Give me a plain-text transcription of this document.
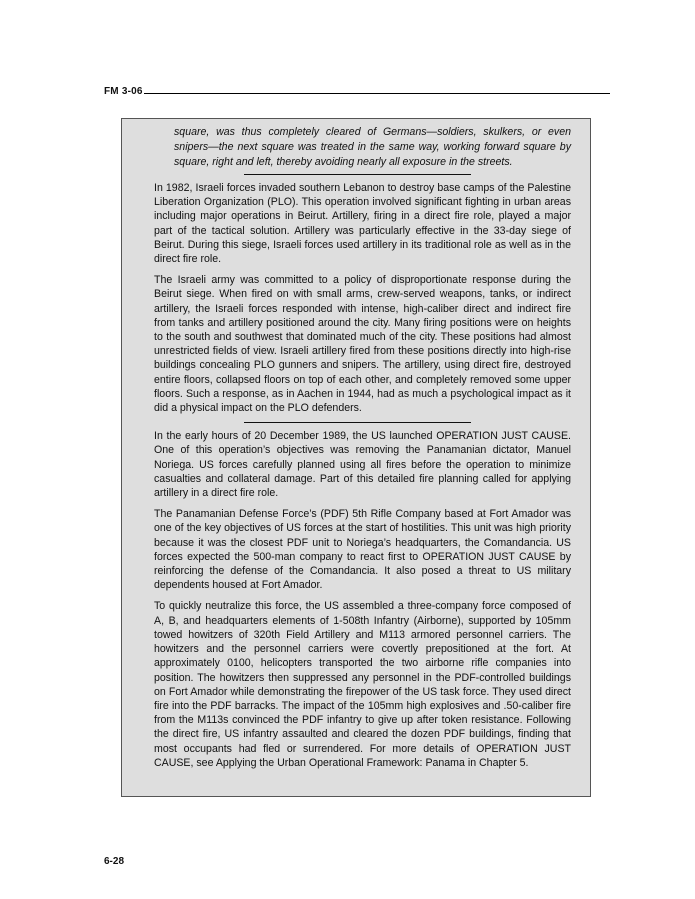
FM 3-06

square, was thus completely cleared of Germans—soldiers, skulkers, or even snipers—the next square was treated in the same way, working forward square by square, right and left, thereby avoiding nearly all exposure in the streets.

In 1982, Israeli forces invaded southern Lebanon to destroy base camps of the Palestine Liberation Organization (PLO). This operation involved significant fighting in urban areas including major operations in Beirut. Artillery, firing in a direct fire role, played a major part of the tactical solution. Artillery was particularly effective in the 33-day siege of Beirut. During this siege, Israeli forces used artillery in its traditional role as well as in the direct fire role.

The Israeli army was committed to a policy of disproportionate response during the Beirut siege. When fired on with small arms, crew-served weapons, tanks, or indirect artillery, the Israeli forces responded with intense, high-caliber direct and indirect fire from tanks and artillery positioned around the city. Many firing positions were on heights to the south and southwest that dominated much of the city. These positions had almost unrestricted fields of view. Israeli artillery fired from these positions directly into high-rise buildings concealing PLO gunners and snipers. The artillery, using direct fire, destroyed entire floors, collapsed floors on top of each other, and completely removed some upper floors. Such a response, as in Aachen in 1944, had as much a psychological impact as it did a physical impact on the PLO defenders.

In the early hours of 20 December 1989, the US launched OPERATION JUST CAUSE. One of this operation’s objectives was removing the Panamanian dictator, Manuel Noriega. US forces carefully planned using all fires before the operation to minimize casualties and collateral damage. Part of this detailed fire planning called for applying artillery in a direct fire role.

The Panamanian Defense Force’s (PDF) 5th Rifle Company based at Fort Amador was one of the key objectives of US forces at the start of hostilities. This unit was high priority because it was the closest PDF unit to Noriega’s headquarters, the Comandancia. US forces expected the 500-man company to react first to OPERATION JUST CAUSE by reinforcing the defense of the Comandancia. It also posed a threat to US military dependents housed at Fort Amador.

To quickly neutralize this force, the US assembled a three-company force composed of A, B, and headquarters elements of 1-508th Infantry (Airborne), supported by 105mm towed howitzers of 320th Field Artillery and M113 armored personnel carriers. The howitzers and the personnel carriers were covertly prepositioned at the fort. At approximately 0100, helicopters transported the two airborne rifle companies into position. The howitzers then suppressed any personnel in the PDF-controlled buildings on Fort Amador while demonstrating the firepower of the US task force. They used direct fire into the PDF barracks. The impact of the 105mm high explosives and .50-caliber fire from the M113s convinced the PDF infantry to give up after token resistance. Following the direct fire, US infantry assaulted and cleared the dozen PDF buildings, finding that most occupants had fled or surrendered. For more details of OPERATION JUST CAUSE, see Applying the Urban Operational Framework: Panama in Chapter 5.

6-28
